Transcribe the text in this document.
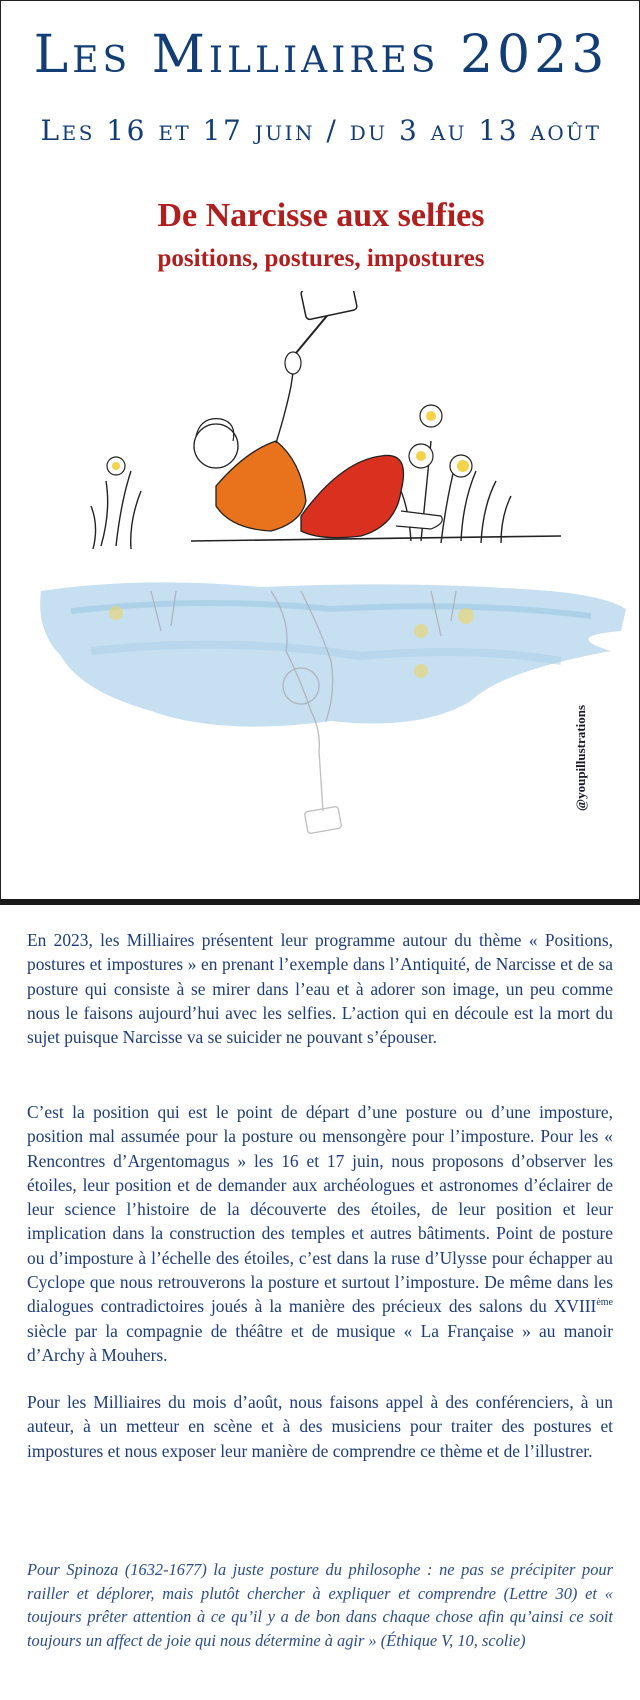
Les Milliaires 2023
Les 16 et 17 juin / du 3 au 13 août
De Narcisse aux selfies
positions, postures, impostures
@youpillustrations

En 2023, les Milliaires présentent leur programme autour du thème « Positions, postures et impostures » en prenant l’exemple dans l’Antiquité, de Narcisse et de sa posture qui consiste à se mirer dans l’eau et à adorer son image, un peu comme nous le faisons aujourd’hui avec les selfies. L’action qui en découle est la mort du sujet puisque Narcisse va se suicider ne pouvant s’épouser.

C’est la position qui est le point de départ d’une posture ou d’une imposture, position mal assumée pour la posture ou mensongère pour l’imposture. Pour les « Rencontres d’Argentomagus » les 16 et 17 juin, nous proposons d’observer les étoiles, leur position et de demander aux archéologues et astronomes d’éclairer de leur science l’histoire de la découverte des étoiles, de leur position et leur implication dans la construction des temples et autres bâtiments. Point de posture ou d’imposture à l’échelle des étoiles, c’est dans la ruse d’Ulysse pour échapper au Cyclope que nous retrouverons la posture et surtout l’imposture. De même dans les dialogues contradictoires joués à la manière des précieux des salons du XVIIIème siècle par la compagnie de théâtre et de musique « La Française » au manoir d’Archy à Mouhers.

Pour les Milliaires du mois d’août, nous faisons appel à des conférenciers, à un auteur, à un metteur en scène et à des musiciens pour traiter des postures et impostures et nous exposer leur manière de comprendre ce thème et de l’illustrer.

Pour Spinoza (1632-1677) la juste posture du philosophe : ne pas se précipiter pour railler et déplorer, mais plutôt chercher à expliquer et comprendre (Lettre 30) et « toujours prêter attention à ce qu’il y a de bon dans chaque chose afin qu’ainsi ce soit toujours un affect de joie qui nous détermine à agir » (Éthique V, 10, scolie)
